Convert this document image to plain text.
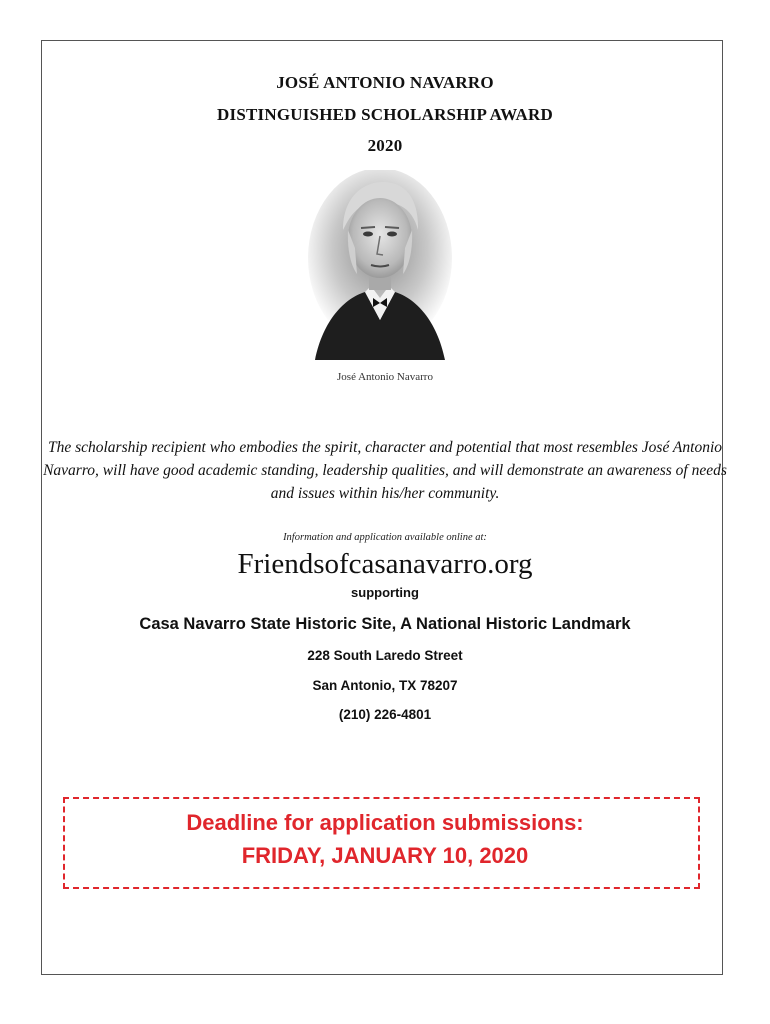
JOSÉ ANTONIO NAVARRO
DISTINGUISHED SCHOLARSHIP AWARD
2020
José Antonio Navarro
The scholarship recipient who embodies the spirit, character and potential that most resembles José Antonio Navarro, will have good academic standing, leadership qualities, and will demonstrate an awareness of needs and issues within his/her community.
Information and application available online at:
Friendsofcasanavarro.org
supporting
Casa Navarro State Historic Site, A National Historic Landmark
228 South Laredo Street
San Antonio, TX 78207
(210) 226-4801
Deadline for application submissions:
FRIDAY, JANUARY 10, 2020
